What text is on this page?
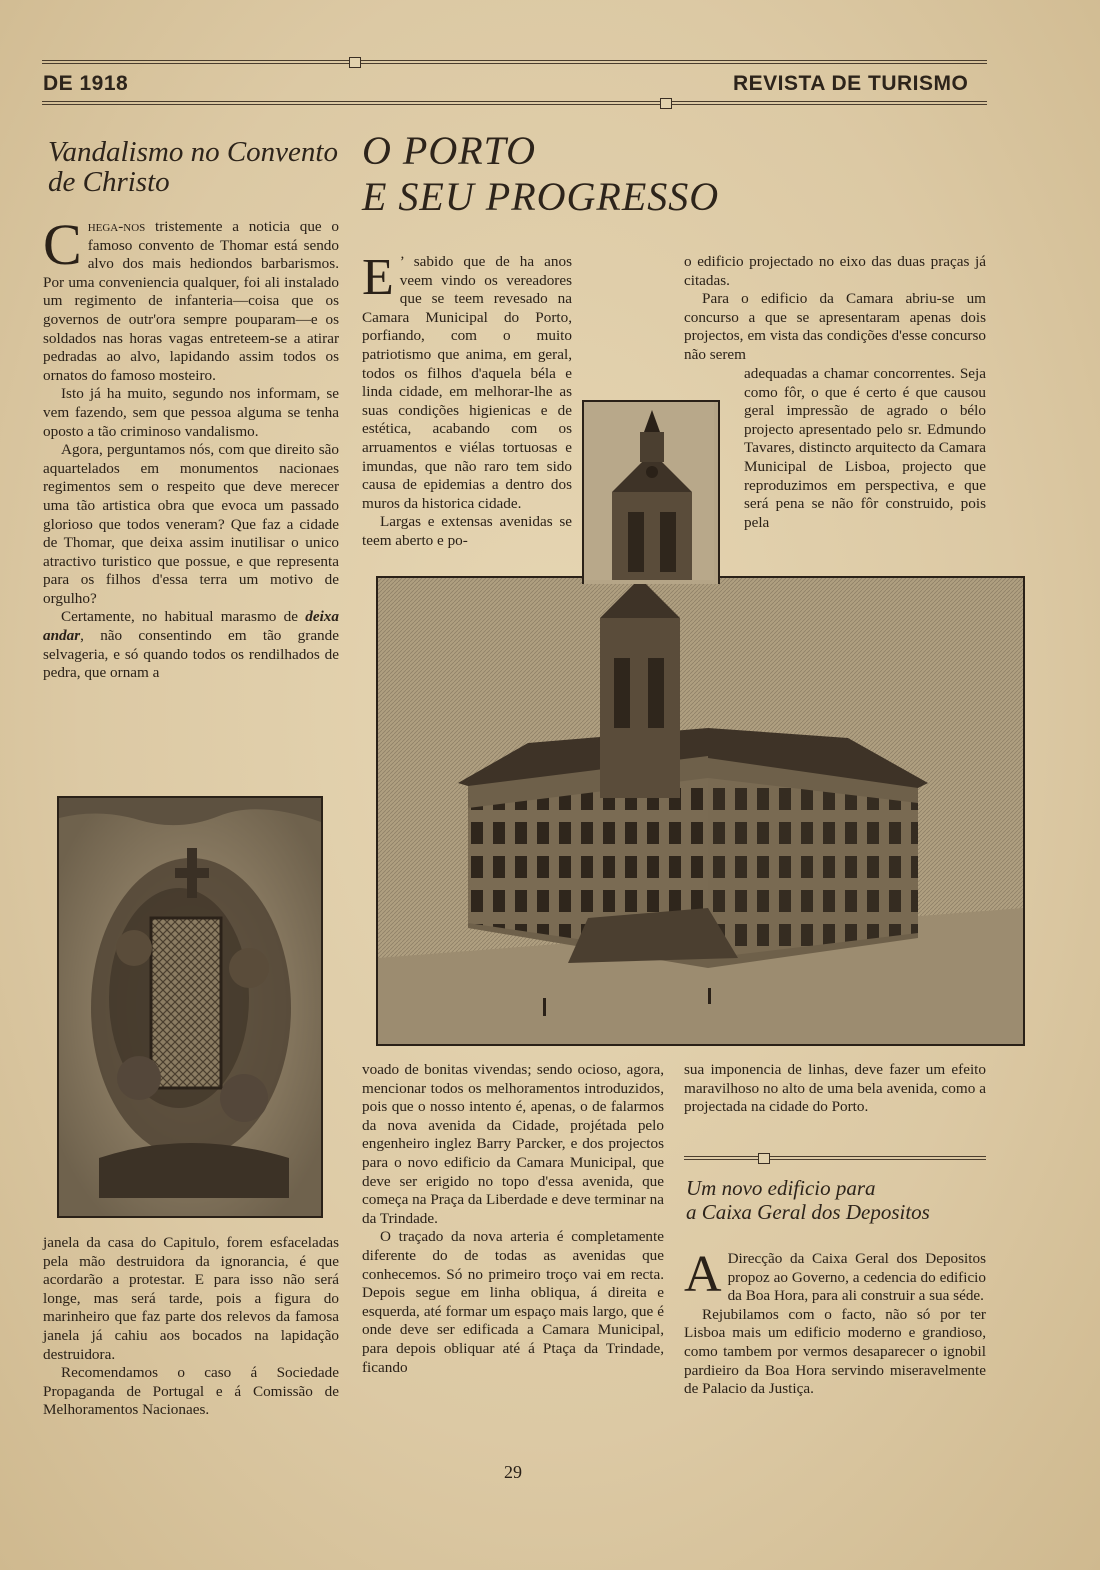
DE 1918	REVISTA DE TURISMO
Vandalismo no Convento
de Christo

Chega-nos tristemente a noticia que o famoso convento de Thomar está sendo alvo dos mais hediondos barbarismos. Por uma conveniencia qualquer, foi ali instalado um regimento de infanteria—coisa que os governos de outr'ora sempre pouparam—e os soldados nas horas vagas entreteem-se a atirar pedradas ao alvo, lapidando assim todos os ornatos do famoso mosteiro.

Isto já ha muito, segundo nos informam, se vem fazendo, sem que pessoa alguma se tenha oposto a tão criminoso vandalismo.

Agora, perguntamos nós, com que direito são aquartelados em monumentos nacionaes regimentos sem o respeito que deve merecer uma tão artistica obra que evoca um passado glorioso que todos veneram? Que faz a cidade de Thomar, que deixa assim inutilisar o unico atractivo turistico que possue, e que representa para os filhos d'essa terra um motivo de orgulho?

Certamente, no habitual marasmo de deixa andar, não consentindo em tão grande selvageria, e só quando todos os rendilhados de pedra, que ornam a

janela da casa do Capitulo, forem esfaceladas pela mão destruidora da ignorancia, é que acordarão a protestar. E para isso não será longe, mas será tarde, pois a figura do marinheiro que faz parte dos relevos da famosa janela já cahiu aos bocados na lapidação destruidora.

Recomendamos o caso á Sociedade Propaganda de Portugal e á Comissão de Melhoramentos Nacionaes.

O PORTO
E SEU PROGRESSO

E ’ sabido que de ha anos veem vindo os vereadores que se teem revesado na Camara Municipal do Porto, porfiando, com o muito patriotismo que anima, em geral, todos os filhos d'aquela béla e linda cidade, em melhorar-lhe as suas condições higienicas e de estética, acabando com os arruamentos e viélas tortuosas e imundas, que não raro tem sido causa de epidemias a dentro dos muros da historica cidade.

Largas e extensas avenidas se teem aberto e po-

o edificio projectado no eixo das duas praças já citadas.

Para o edificio da Camara abriu-se um concurso a que se apresentaram apenas dois projectos, em vista das condições d'esse concurso não serem

adequadas a chamar concorrentes. Seja como fôr, o que é certo é que causou geral impressão de agrado o bélo projecto apresentado pelo sr. Edmundo Tavares, distincto arquitecto da Camara Municipal de Lisboa, projecto que reproduzimos em perspectiva, e que será pena se não fôr construido, pois pela

voado de bonitas vivendas; sendo ocioso, agora, mencionar todos os melhoramentos introduzidos, pois que o nosso intento é, apenas, o de falarmos da nova avenida da Cidade, projétada pelo engenheiro inglez Barry Parcker, e dos projectos para o novo edificio da Camara Municipal, que deve ser erigido no topo d'essa avenida, que começa na Praça da Liberdade e deve terminar na da Trindade.

O traçado da nova arteria é completamente diferente do de todas as avenidas que conhecemos. Só no primeiro troço vai em recta. Depois segue em linha obliqua, á direita e esquerda, até formar um espaço mais largo, que é onde deve ser edificada a Camara Municipal, para depois obliquar até á Ptaça da Trindade, ficando

sua imponencia de linhas, deve fazer um efeito maravilhoso no alto de uma bela avenida, como a projectada na cidade do Porto.

Um novo edificio para
a Caixa Geral dos Depositos

A Direcção da Caixa Geral dos Depositos propoz ao Governo, a cedencia do edificio da Boa Hora, para ali construir a sua séde.

Rejubilamos com o facto, não só por ter Lisboa mais um edificio moderno e grandioso, como tambem por vermos desaparecer o ignobil pardieiro da Boa Hora servindo miseravelmente de Palacio da Justiça.

29
